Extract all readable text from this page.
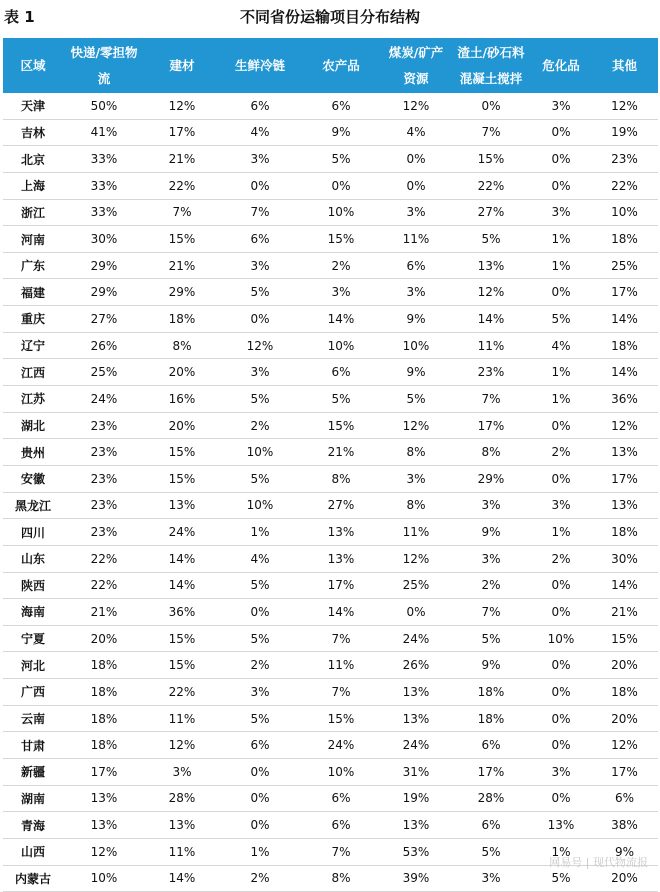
表 1	不同省份运输项目分布结构
区域	快递/零担物流	建材	生鲜冷链	农产品	煤炭/矿产资源	渣土/砂石料混凝土搅拌	危化品	其他
天津	50%	12%	6%	6%	12%	0%	3%	12%
吉林	41%	17%	4%	9%	4%	7%	0%	19%
北京	33%	21%	3%	5%	0%	15%	0%	23%
上海	33%	22%	0%	0%	0%	22%	0%	22%
浙江	33%	7%	7%	10%	3%	27%	3%	10%
河南	30%	15%	6%	15%	11%	5%	1%	18%
广东	29%	21%	3%	2%	6%	13%	1%	25%
福建	29%	29%	5%	3%	3%	12%	0%	17%
重庆	27%	18%	0%	14%	9%	14%	5%	14%
辽宁	26%	8%	12%	10%	10%	11%	4%	18%
江西	25%	20%	3%	6%	9%	23%	1%	14%
江苏	24%	16%	5%	5%	5%	7%	1%	36%
湖北	23%	20%	2%	15%	12%	17%	0%	12%
贵州	23%	15%	10%	21%	8%	8%	2%	13%
安徽	23%	15%	5%	8%	3%	29%	0%	17%
黑龙江	23%	13%	10%	27%	8%	3%	3%	13%
四川	23%	24%	1%	13%	11%	9%	1%	18%
山东	22%	14%	4%	13%	12%	3%	2%	30%
陕西	22%	14%	5%	17%	25%	2%	0%	14%
海南	21%	36%	0%	14%	0%	7%	0%	21%
宁夏	20%	15%	5%	7%	24%	5%	10%	15%
河北	18%	15%	2%	11%	26%	9%	0%	20%
广西	18%	22%	3%	7%	13%	18%	0%	18%
云南	18%	11%	5%	15%	13%	18%	0%	20%
甘肃	18%	12%	6%	24%	24%	6%	0%	12%
新疆	17%	3%	0%	10%	31%	17%	3%	17%
湖南	13%	28%	0%	6%	19%	28%	0%	6%
青海	13%	13%	0%	6%	13%	6%	13%	38%
山西	12%	11%	1%	7%	53%	5%	1%	9%
内蒙古	10%	14%	2%	8%	39%	3%	5%	20%
网易号 | 现代物流报
